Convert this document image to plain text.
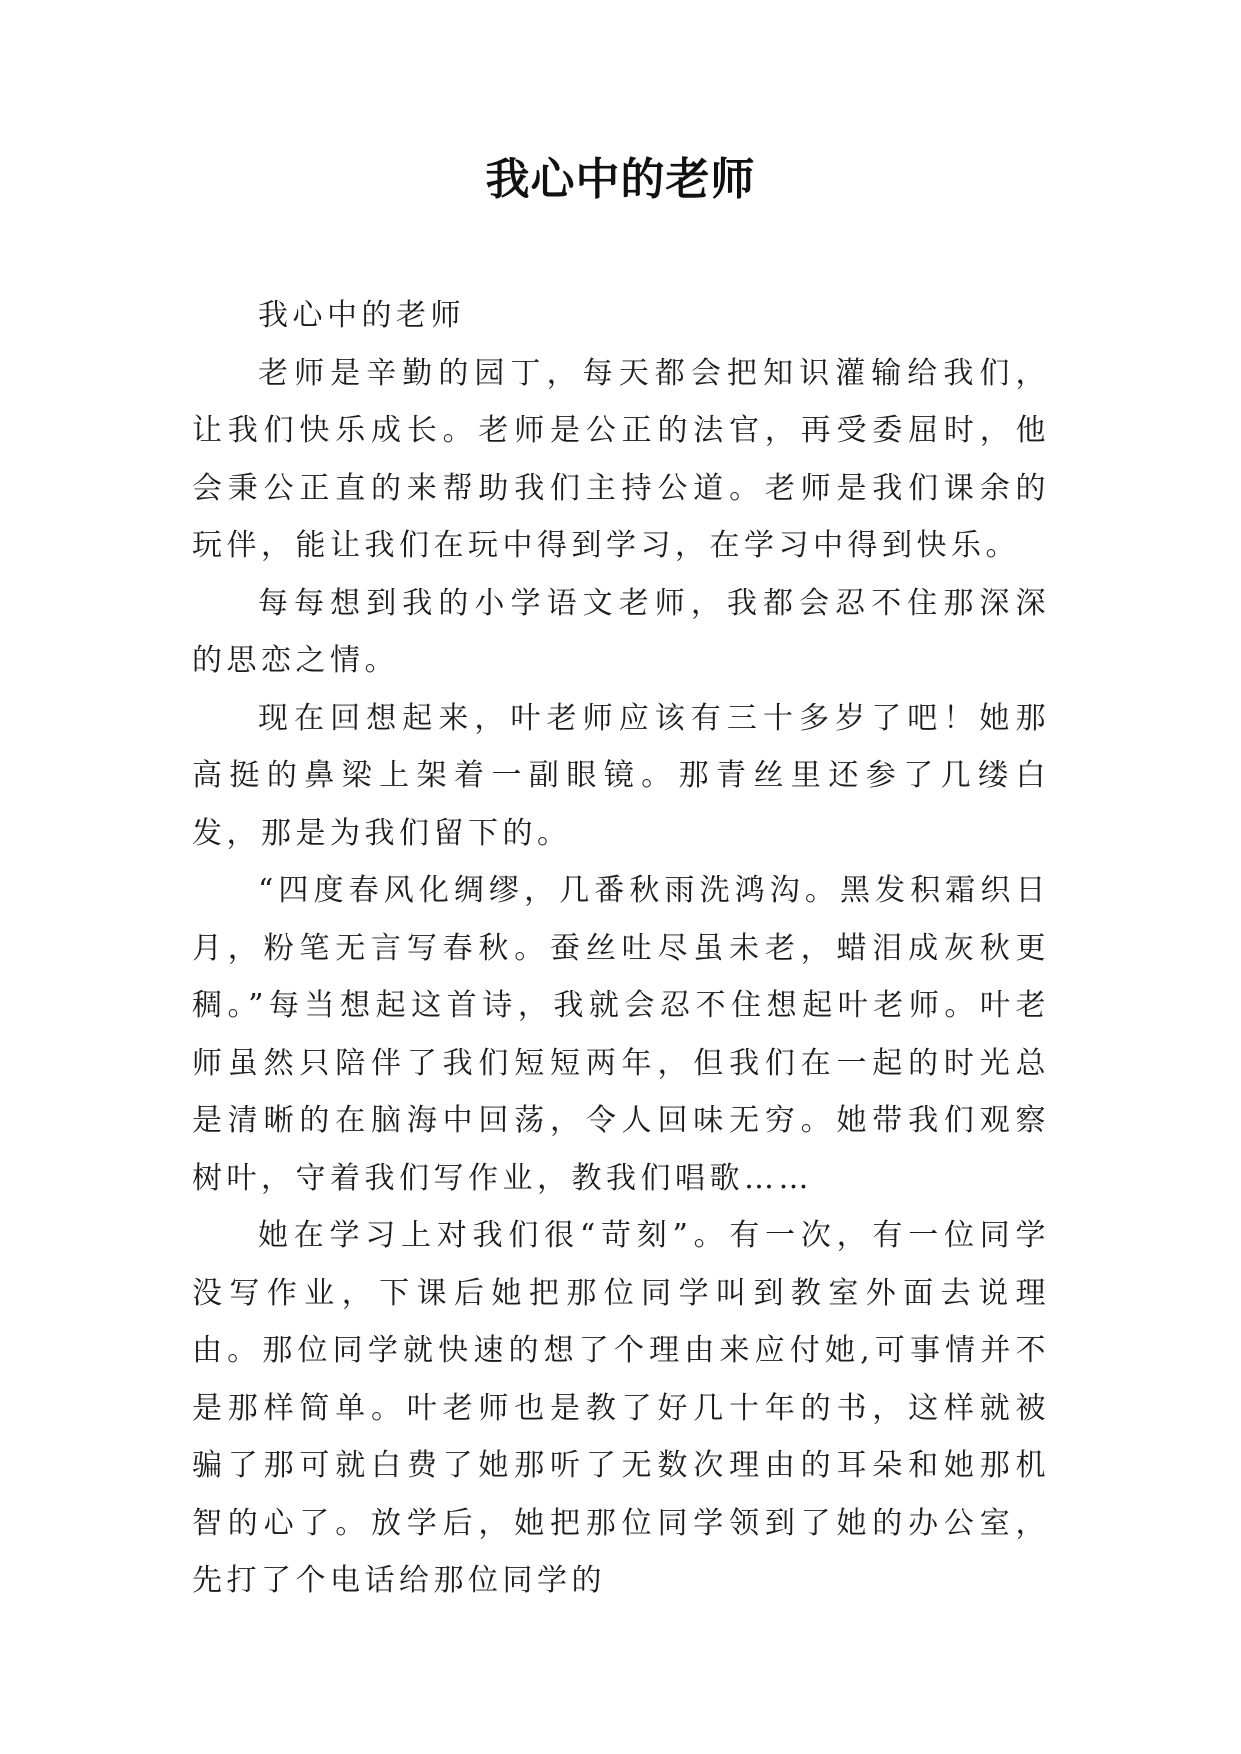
我心中的老师

我心中的老师

老师是辛勤的园丁，每天都会把知识灌输给我们，让我们快乐成长。老师是公正的法官，再受委屈时，他会秉公正直的来帮助我们主持公道。老师是我们课余的玩伴，能让我们在玩中得到学习，在学习中得到快乐。

每每想到我的小学语文老师，我都会忍不住那深深的思恋之情。

现在回想起来，叶老师应该有三十多岁了吧！她那高挺的鼻梁上架着一副眼镜。那青丝里还参了几缕白发，那是为我们留下的。

“四度春风化绸缪，几番秋雨洗鸿沟。黑发积霜织日月，粉笔无言写春秋。蚕丝吐尽虽未老，蜡泪成灰秋更稠。”每当想起这首诗，我就会忍不住想起叶老师。叶老师虽然只陪伴了我们短短两年，但我们在一起的时光总是清晰的在脑海中回荡，令人回味无穷。她带我们观察树叶，守着我们写作业，教我们唱歌……

她在学习上对我们很“苛刻”。有一次，有一位同学没写作业，下课后她把那位同学叫到教室外面去说理由。那位同学就快速的想了个理由来应付她,可事情并不是那样简单。叶老师也是教了好几十年的书，这样就被骗了那可就白费了她那听了无数次理由的耳朵和她那机智的心了。放学后，她把那位同学领到了她的办公室，先打了个电话给那位同学的
